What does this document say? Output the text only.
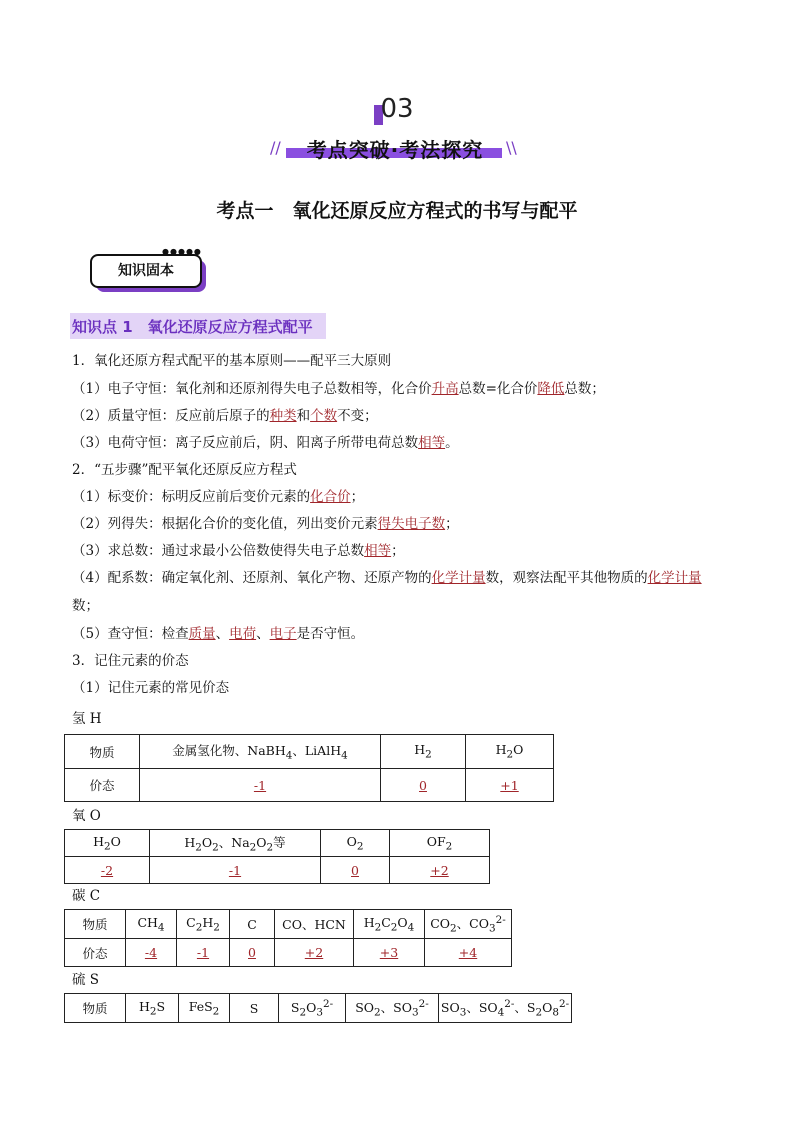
03
//	考点突破·考法探究	\\
考点一　氧化还原反应方程式的书写与配平
知识固本
●●●●●
知识点 1　氧化还原反应方程式配平
1．氧化还原方程式配平的基本原则——配平三大原则
（1）电子守恒：氧化剂和还原剂得失电子总数相等，化合价升高总数=化合价降低总数；
（2）质量守恒：反应前后原子的种类和个数不变；
（3）电荷守恒：离子反应前后，阴、阳离子所带电荷总数相等。
2．“五步骤”配平氧化还原反应方程式
（1）标变价：标明反应前后变价元素的化合价；
（2）列得失：根据化合价的变化值，列出变价元素得失电子数；
（3）求总数：通过求最小公倍数使得失电子总数相等；
（4）配系数：确定氧化剂、还原剂、氧化产物、还原产物的化学计量数，观察法配平其他物质的化学计量
数；
（5）查守恒：检查质量、电荷、电子是否守恒。
3．记住元素的价态
（1）记住元素的常见价态
氢 H
物质	金属氢化物、NaBH$_4$、LiAlH$_4$	$H_2$	$H_2O$
价态	-1	0	+1
氧 O
$H_2O$	$H_2O_2$、$Na_2O_2$等	$O_2$	$OF_2$
-2	-1	0	+2
碳 C
物质	$CH_4$	$C_2H_2$	C	CO、HCN	$H_2C_2O_4$	$CO_2$、$CO_3^{2-}$
价态	-4	-1	0	+2	+3	+4
硫 S
物质	$H_2S$	FeS$_2$	S	$S_2O_3^{2-}$	$SO_2$、$SO_3^{2-}$	$SO_3$、$SO_4^{2-}$、$S_2O_8^{2-}$
